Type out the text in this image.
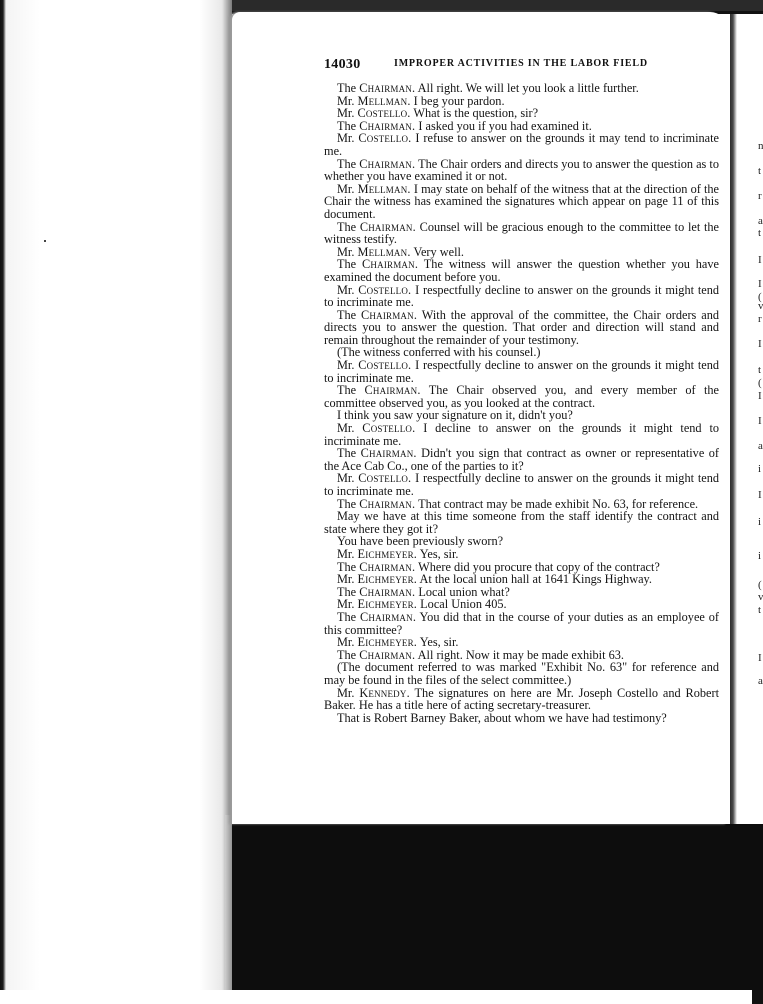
n
t
r
a
t
I
I
(
v
r
I
t
(
I
I
a
i
I
i
i
(
v
t
I
a
14030	IMPROPER ACTIVITIES IN THE LABOR FIELD

The Chairman. All right. We will let you look a little further.

Mr. Mellman. I beg your pardon.

Mr. Costello. What is the question, sir?

The Chairman. I asked you if you had examined it.

Mr. Costello. I refuse to answer on the grounds it may tend to incriminate me.

The Chairman. The Chair orders and directs you to answer the question as to whether you have examined it or not.

Mr. Mellman. I may state on behalf of the witness that at the direction of the Chair the witness has examined the signatures which appear on page 11 of this document.

The Chairman. Counsel will be gracious enough to the committee to let the witness testify.

Mr. Mellman. Very well.

The Chairman. The witness will answer the question whether you have examined the document before you.

Mr. Costello. I respectfully decline to answer on the grounds it might tend to incriminate me.

The Chairman. With the approval of the committee, the Chair orders and directs you to answer the question. That order and direction will stand and remain throughout the remainder of your testimony.

(The witness conferred with his counsel.)

Mr. Costello. I respectfully decline to answer on the grounds it might tend to incriminate me.

The Chairman. The Chair observed you, and every member of the committee observed you, as you looked at the contract.

I think you saw your signature on it, didn't you?

Mr. Costello. I decline to answer on the grounds it might tend to incriminate me.

The Chairman. Didn't you sign that contract as owner or representative of the Ace Cab Co., one of the parties to it?

Mr. Costello. I respectfully decline to answer on the grounds it might tend to incriminate me.

The Chairman. That contract may be made exhibit No. 63, for reference.

May we have at this time someone from the staff identify the contract and state where they got it?

You have been previously sworn?

Mr. Eichmeyer. Yes, sir.

The Chairman. Where did you procure that copy of the contract?

Mr. Eichmeyer. At the local union hall at 1641 Kings Highway.

The Chairman. Local union what?

Mr. Eichmeyer. Local Union 405.

The Chairman. You did that in the course of your duties as an employee of this committee?

Mr. Eichmeyer. Yes, sir.

The Chairman. All right. Now it may be made exhibit 63.

(The document referred to was marked "Exhibit No. 63" for reference and may be found in the files of the select committee.)

Mr. Kennedy. The signatures on here are Mr. Joseph Costello and Robert Baker. He has a title here of acting secretary-treasurer.

That is Robert Barney Baker, about whom we have had testimony?
